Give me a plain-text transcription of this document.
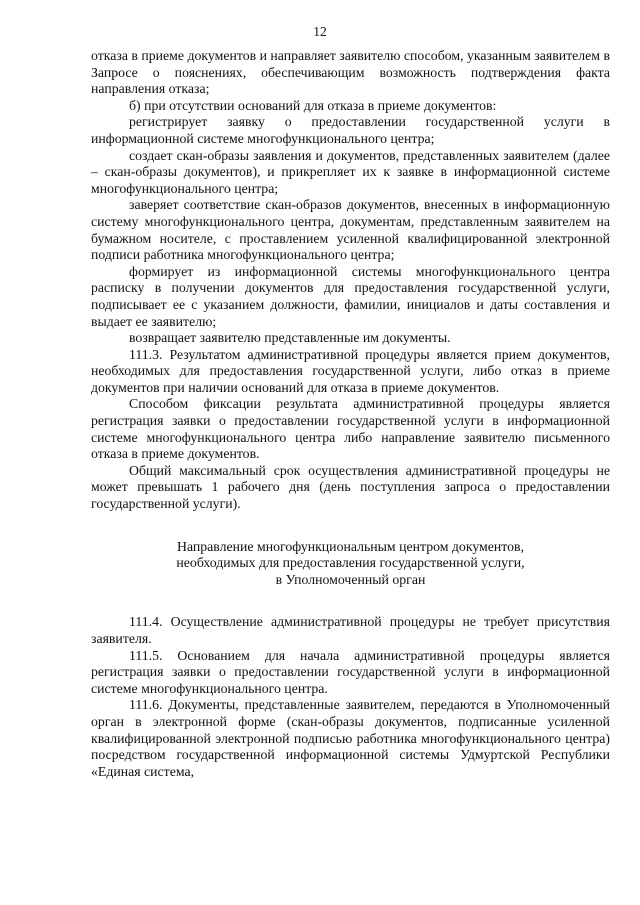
12

отказа в приеме документов и направляет заявителю способом, указанным заявителем в Запросе о пояснениях, обеспечивающим возможность подтверждения факта направления отказа;

б) при отсутствии оснований для отказа в приеме документов:

регистрирует заявку о предоставлении государственной услуги в информационной системе многофункционального центра;

создает скан-образы заявления и документов, представленных заявителем (далее – скан-образы документов), и прикрепляет их к заявке в информационной системе многофункционального центра;

заверяет соответствие скан-образов документов, внесенных в информационную систему многофункционального центра, документам, представленным заявителем на бумажном носителе, с проставлением усиленной квалифицированной электронной подписи работника многофункционального центра;

формирует из информационной системы многофункционального центра расписку в получении документов для предоставления государственной услуги, подписывает ее с указанием должности, фамилии, инициалов и даты составления и выдает ее заявителю;

возвращает заявителю представленные им документы.

111.3. Результатом административной процедуры является прием документов, необходимых для предоставления государственной услуги, либо отказ в приеме документов при наличии оснований для отказа в приеме документов.

Способом фиксации результата административной процедуры является регистрация заявки о предоставлении государственной услуги в информационной системе многофункционального центра либо направление заявителю письменного отказа в приеме документов.

Общий максимальный срок осуществления административной процедуры не может превышать 1 рабочего дня (день поступления запроса о предоставлении государственной услуги).

Направление многофункциональным центром документов,
необходимых для предоставления государственной услуги,
в Уполномоченный орган

111.4. Осуществление административной процедуры не требует присутствия заявителя.

111.5. Основанием для начала административной процедуры является регистрация заявки о предоставлении государственной услуги в информационной системе многофункционального центра.

111.6. Документы, представленные заявителем, передаются в Уполномоченный орган в электронной форме (скан-образы документов, подписанные усиленной квалифицированной электронной подписью работника многофункционального центра) посредством государственной информационной системы Удмуртской Республики «Единая система,
